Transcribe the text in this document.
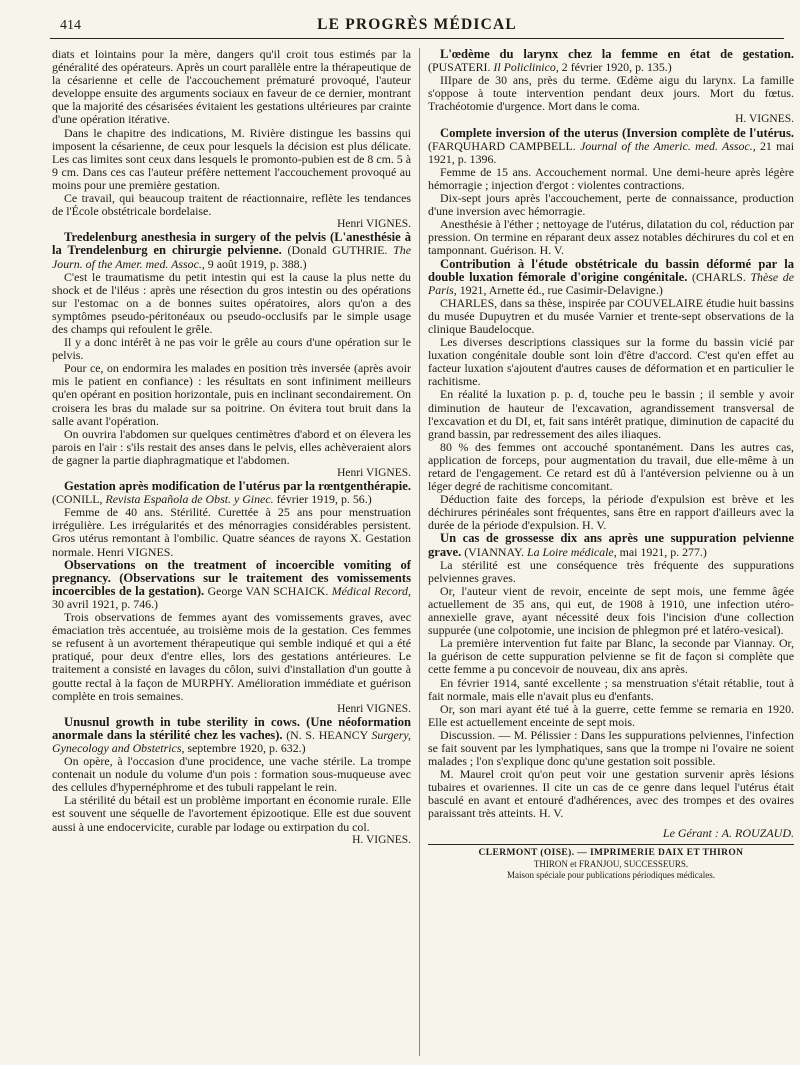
414	LE PROGRÈS MÉDICAL

diats et lointains pour la mère, dangers qu'il croit tous estimés par la généralité des opérateurs. Après un court parallèle entre la thérapeutique de la césarienne et celle de l'accouchement prématuré provoqué, l'auteur developpe ensuite des arguments sociaux en faveur de ce dernier, montrant que la majorité des césarisées évitaient les gestations ultérieures par crainte d'une opération itérative.

Dans le chapitre des indications, M. Rivière distingue les bassins qui imposent la césarienne, de ceux pour lesquels la décision est plus délicate. Les cas limites sont ceux dans lesquels le promonto-pubien est de 8 cm. 5 à 9 cm. Dans ces cas l'auteur préfère nettement l'accouchement provoqué au moins pour une première gestation.

Ce travail, qui beaucoup traitent de réactionnaire, reflète les tendances de l'École obstétricale bordelaise.

Henri VIGNES.

Tredelenburg anesthesia in surgery of the pelvis (L'anesthésie à la Trendelenburg en chirurgie pelvienne. (Donald GUTHRIE. The Journ. of the Amer. med. Assoc., 9 août 1919, p. 388.)

C'est le traumatisme du petit intestin qui est la cause la plus nette du shock et de l'iléus : après une résection du gros intestin ou des opérations sur l'estomac on a de bonnes suites opératoires, alors qu'on a des symptômes pseudo-péritonéaux ou pseudo-occlusifs par le simple usage des champs qui refoulent le grêle.

Il y a donc intérêt à ne pas voir le grêle au cours d'une opération sur le pelvis.

Pour ce, on endormira les malades en position très inversée (après avoir mis le patient en confiance) : les résultats en sont infiniment meilleurs qu'en opérant en position horizontale, puis en inclinant secondairement. On croisera les bras du malade sur sa poitrine. On évitera tout bruit dans la salle avant l'opération.

On ouvrira l'abdomen sur quelques centimètres d'abord et on élevera les parois en l'air : s'ils restait des anses dans le pelvis, elles achèveraient alors de gagner la partie diaphragmatique et l'abdomen.

Henri VIGNES.

Gestation après modification de l'utérus par la rœntgenthérapie. (CONILL, Revista Española de Obst. y Ginec. février 1919, p. 56.)

Femme de 40 ans. Stérilité. Curettée à 25 ans pour menstruation irrégulière. Les irrégularités et des ménorragies considérables persistent. Gros utérus remontant à l'ombilic. Quatre séances de rayons X. Gestation normale. Henri VIGNES.

Observations on the treatment of incoercible vomiting of pregnancy. (Observations sur le traitement des vomissements incoercibles de la gestation). George VAN SCHAICK. Médical Record, 30 avril 1921, p. 746.)

Trois observations de femmes ayant des vomissements graves, avec émaciation très accentuée, au troisième mois de la gestation. Ces femmes se refusent à un avortement thérapeutique qui semble indiqué et qui a été pratiqué, pour deux d'entre elles, lors des gestations antérieures. Le traitement a consisté en lavages du côlon, suivi d'installation d'un goutte à goutte rectal à la façon de MURPHY. Amélioration immédiate et guérison complète en trois semaines.

Henri VIGNES.

Unusnul growth in tube sterility in cows. (Une néoformation anormale dans la stérilité chez les vaches). (N. S. HEANCY Surgery, Gynecology and Obstetrics, septembre 1920, p. 632.)

On opère, à l'occasion d'une procidence, une vache stérile. La trompe contenait un nodule du volume d'un pois : formation sous-muqueuse avec des cellules d'hypernéphrome et des tubuli rappelant le rein.

La stérilité du bétail est un problème important en économie rurale. Elle est souvent une séquelle de l'avortement épizootique. Elle est due souvent aussi à une endocervicite, curable par lodage ou extirpation du col.

H. VIGNES.

L'œdème du larynx chez la femme en état de gestation. (PUSATERI. Il Policlinico, 2 février 1920, p. 135.)

IIIpare de 30 ans, près du terme. Œdème aigu du larynx. La famille s'oppose à toute intervention pendant deux jours. Mort du fœtus. Trachéotomie d'urgence. Mort dans le coma.

H. VIGNES.

Complete inversion of the uterus (Inversion complète de l'utérus. (FARQUHARD CAMPBELL. Journal of the Americ. med. Assoc., 21 mai 1921, p. 1396.

Femme de 15 ans. Accouchement normal. Une demi-heure après légère hémorragie ; injection d'ergot : violentes contractions.

Dix-sept jours après l'accouchement, perte de connaissance, production d'une inversion avec hémorragie.

Anesthésie à l'éther ; nettoyage de l'utérus, dilatation du col, réduction par pression. On termine en réparant deux assez notables déchirures du col et en tamponnant. Guérison. H. V.

Contribution à l'étude obstétricale du bassin déformé par la double luxation fémorale d'origine congénitale. (CHARLS. Thèse de Paris, 1921, Arnette éd., rue Casimir-Delavigne.)

CHARLES, dans sa thèse, inspirée par COUVELAIRE étudie huit bassins du musée Dupuytren et du musée Varnier et trente-sept observations de la clinique Baudelocque.

Les diverses descriptions classiques sur la forme du bassin vicié par luxation congénitale double sont loin d'être d'accord. C'est qu'en effet au facteur luxation s'ajoutent d'autres causes de déformation et en particulier le rachitisme.

En réalité la luxation p. p. d, touche peu le bassin ; il semble y avoir diminution de hauteur de l'excavation, agrandissement transversal de l'excavation et du DI, et, fait sans intérêt pratique, diminution de capacité du grand bassin, par redressement des ailes iliaques.

80 % des femmes ont accouché spontanément. Dans les autres cas, application de forceps, pour augmentation du travail, due elle-même à un retard de l'engagement. Ce retard est dû à l'antéversion pelvienne ou à un léger degré de rachitisme concomitant.

Déduction faite des forceps, la période d'expulsion est brève et les déchirures périnéales sont fréquentes, sans être en rapport d'ailleurs avec la durée de la période d'expulsion. H. V.

Un cas de grossesse dix ans après une suppuration pelvienne grave. (VIANNAY. La Loire médicale, mai 1921, p. 277.)

La stérilité est une conséquence très fréquente des suppurations pelviennes graves.

Or, l'auteur vient de revoir, enceinte de sept mois, une femme âgée actuellement de 35 ans, qui eut, de 1908 à 1910, une infection utéro-annexielle grave, ayant nécessité deux fois l'incision d'une collection suppurée (une colpotomie, une incision de phlegmon pré et latéro-vesical).

La première intervention fut faite par Blanc, la seconde par Viannay. Or, la guérison de cette suppuration pelvienne se fit de façon si complète que cette femme a pu concevoir de nouveau, dix ans après.

En février 1914, santé excellente ; sa menstruation s'était rétablie, tout à fait normale, mais elle n'avait plus eu d'enfants.

Or, son mari ayant été tué à la guerre, cette femme se remaria en 1920. Elle est actuellement enceinte de sept mois.

Discussion. — M. Pélissier : Dans les suppurations pelviennes, l'infection se fait souvent par les lymphatiques, sans que la trompe ni l'ovaire ne soient malades ; l'on s'explique donc qu'une gestation soit possible.

M. Maurel croit qu'on peut voir une gestation survenir après lésions tubaires et ovariennes. Il cite un cas de ce genre dans lequel l'utérus était basculé en avant et entouré d'adhérences, avec des trompes et des ovaires paraissant très atteints. H. V.

Le Gérant : A. ROUZAUD.
CLERMONT (OISE). — IMPRIMERIE DAIX ET THIRON
THIRON et FRANJOU, SUCCESSEURS.
Maison spéciale pour publications périodiques médicales.
